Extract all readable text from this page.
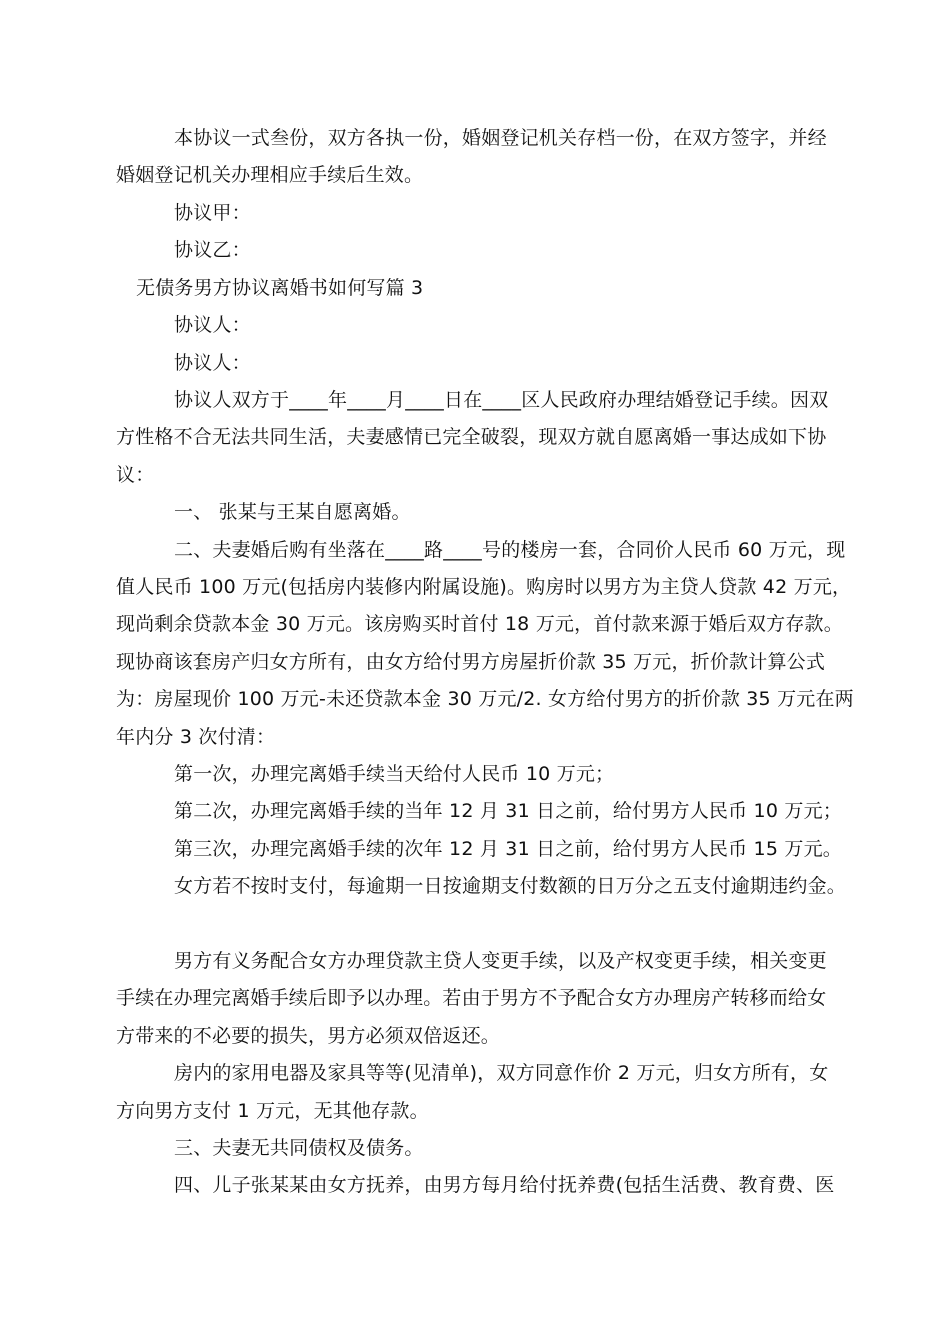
本协议一式叁份，双方各执一份，婚姻登记机关存档一份，在双方签字，并经
婚姻登记机关办理相应手续后生效。
协议甲：
协议乙：
无债务男方协议离婚书如何写篇 3
协议人：
协议人：
协议人双方于____年____月____日在____区人民政府办理结婚登记手续。因双
方性格不合无法共同生活，夫妻感情已完全破裂，现双方就自愿离婚一事达成如下协
议：
一、 张某与王某自愿离婚。
二、夫妻婚后购有坐落在____路____号的楼房一套，合同价人民币 60 万元，现
值人民币 100 万元(包括房内装修内附属设施)。购房时以男方为主贷人贷款 42 万元，
现尚剩余贷款本金 30 万元。该房购买时首付 18 万元，首付款来源于婚后双方存款。
现协商该套房产归女方所有，由女方给付男方房屋折价款 35 万元，折价款计算公式
为：房屋现价 100 万元-未还贷款本金 30 万元/2. 女方给付男方的折价款 35 万元在两
年内分 3 次付清：
第一次，办理完离婚手续当天给付人民币 10 万元；
第二次，办理完离婚手续的当年 12 月 31 日之前，给付男方人民币 10 万元；
第三次，办理完离婚手续的次年 12 月 31 日之前，给付男方人民币 15 万元。
女方若不按时支付，每逾期一日按逾期支付数额的日万分之五支付逾期违约金。
男方有义务配合女方办理贷款主贷人变更手续，以及产权变更手续，相关变更
手续在办理完离婚手续后即予以办理。若由于男方不予配合女方办理房产转移而给女
方带来的不必要的损失，男方必须双倍返还。
房内的家用电器及家具等等(见清单)，双方同意作价 2 万元，归女方所有，女
方向男方支付 1 万元，无其他存款。
三、夫妻无共同债权及债务。
四、儿子张某某由女方抚养，由男方每月给付抚养费(包括生活费、教育费、医
